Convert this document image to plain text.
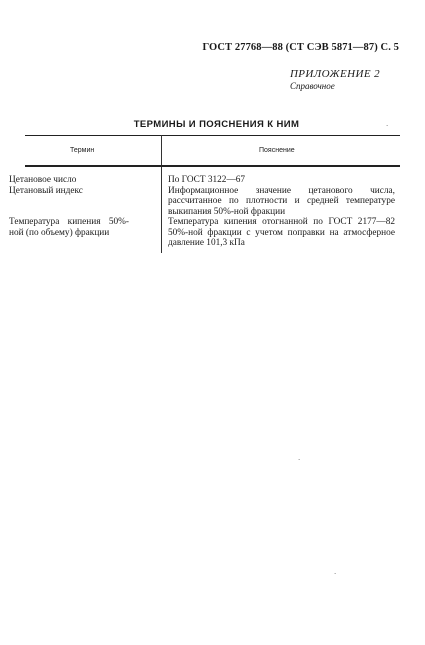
ГОСТ 27768—88 (СТ СЭВ 5871—87) С. 5
ПРИЛОЖЕНИЕ 2
Справочное
ТЕРМИНЫ И ПОЯСНЕНИЯ К НИМ
Термин	Пояснение
Цетановое число
Цетановый индекс
Температура кипения 50%-ной (по объему) фракции
По ГОСТ 3122—67
Информационное значение цетанового числа, рассчитанное по плотности и средней температуре выкипания 50%-ной фракции
Температура кипения отогнанной по ГОСТ 2177—82 50%-ной фракции с учетом поправки на атмосферное давление 101,3 кПа
·
·
·
